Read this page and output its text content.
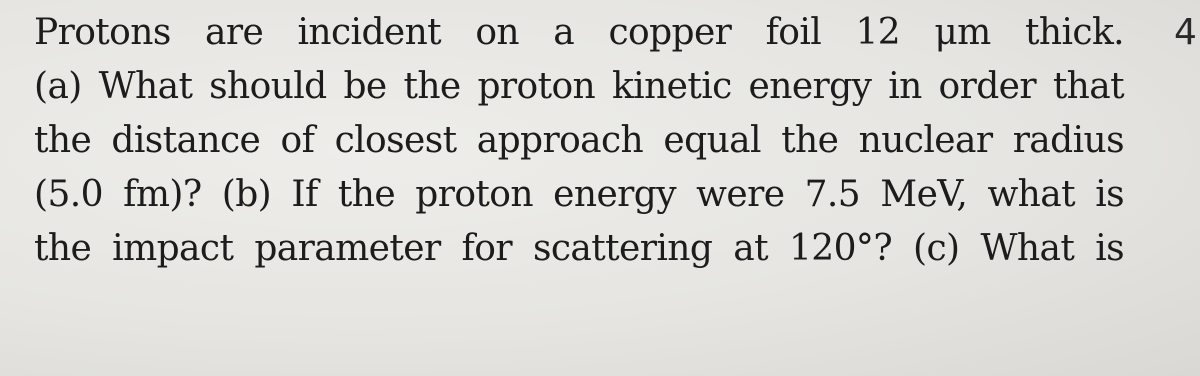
Protons are incident on a copper foil 12 μm thick.
(a) What should be the proton kinetic energy in order that
the distance of closest approach equal the nuclear radius
(5.0 fm)? (b) If the proton energy were 7.5 MeV, what is
the impact parameter for scattering at 120°? (c) What is
4
